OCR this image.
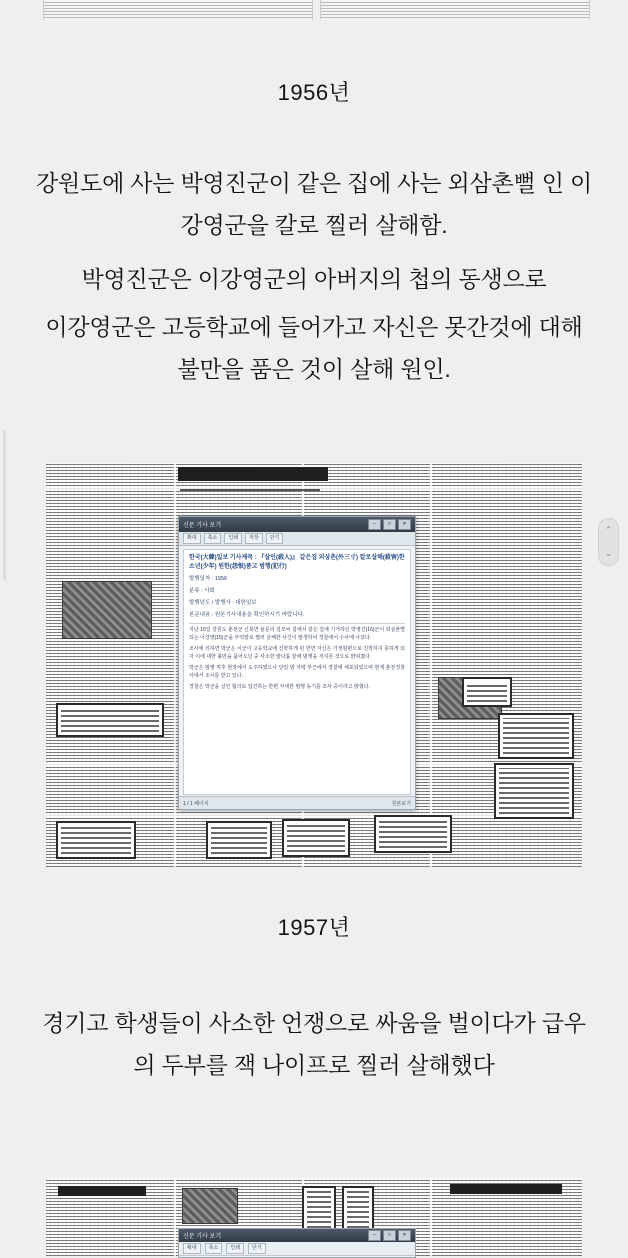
1956년
강원도에 사는 박영진군이 같은 집에 사는 외삼촌뻘 인 이강영군을 칼로 찔러 살해함.
박영진군은 이강영군의 아버지의 첩의 동생으로
이강영군은 고등학교에 들어가고 자신은 못간것에 대해 불만을 품은 것이 살해 원인.
신문 기사 보기	─	□	✕
확대	축소	인쇄	저장	닫기
한국(大韓)일보 기사제목 : 『살인(殺人)』 같은집 외삼촌(外三寸) 칼로살해(殺害)한 소년(少年) 원한(怨恨)품고 범행(犯行)
발행일자 : 1956
분류 : 사회
발행년도 / 발행사 : 대한일보
본문내용 : 원본기사내용을 확인하시기 바랍니다.
지난 15일 강원도 춘천군 신북면 율문리 김모씨 집에서 같은 집에 기거하던 박영진(16)군이 외삼촌뻘 되는 이강영(15)군을 부엌칼로 찔러 살해한 사건이 발생하여 경찰에서 수사에 나섰다.
조사에 의하면 박군은 이군이 고등학교에 진학하게 된 반면 자신은 가정형편으로 진학하지 못하게 되자 이에 대한 불만을 품어오던 중 사소한 말다툼 끝에 범행을 저지른 것으로 밝혀졌다.
박군은 범행 직후 현장에서 도주하였으나 당일 밤 자택 부근에서 경찰에 체포되었으며 현재 춘천경찰서에서 조사를 받고 있다.
경찰은 박군을 살인 혐의로 입건하는 한편 자세한 범행 동기를 조사 중이라고 밝혔다.
1 / 1 페이지	원본보기
⌃
⌄
1957년
경기고 학생들이 사소한 언쟁으로 싸움을 벌이다가 급우의 두부를 잭 나이프로 찔러 살해했다
신문 기사 보기	─	□	✕
확대	축소	인쇄	닫기
